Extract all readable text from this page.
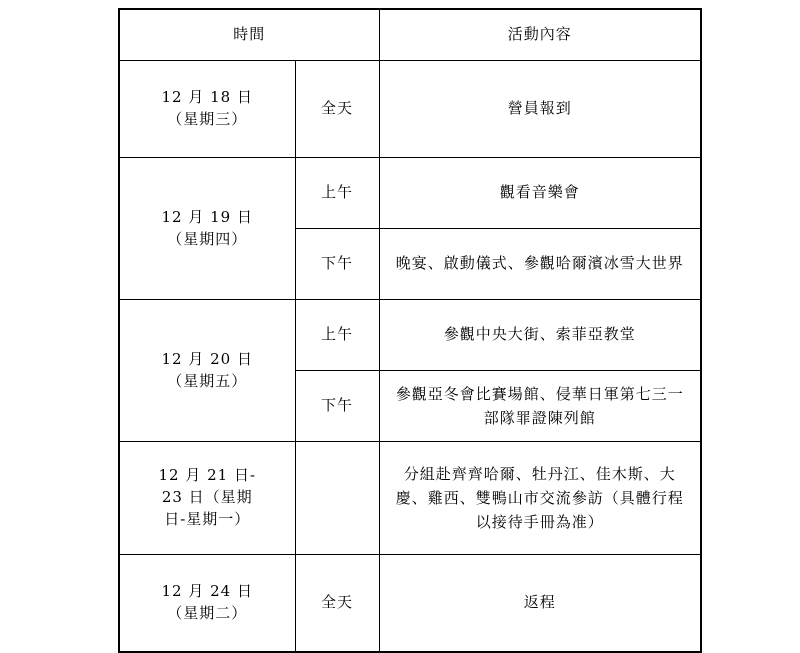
時間		活動內容

12 月 18 日
（星期三）	全天	營員報到

12 月 19 日
（星期四）	上午	觀看音樂會
	下午	晚宴、啟動儀式、參觀哈爾濱冰雪大世界

12 月 20 日
（星期五）	上午	參觀中央大街、索菲亞教堂
	下午	參觀亞冬會比賽場館、侵華日軍第七三一
部隊罪證陳列館

12 月 21 日-
23 日（星期
日-星期一）		分組赴齊齊哈爾、牡丹江、佳木斯、大
慶、雞西、雙鴨山市交流參訪（具體行程
以接待手冊為准）

12 月 24 日
（星期二）	全天	返程
